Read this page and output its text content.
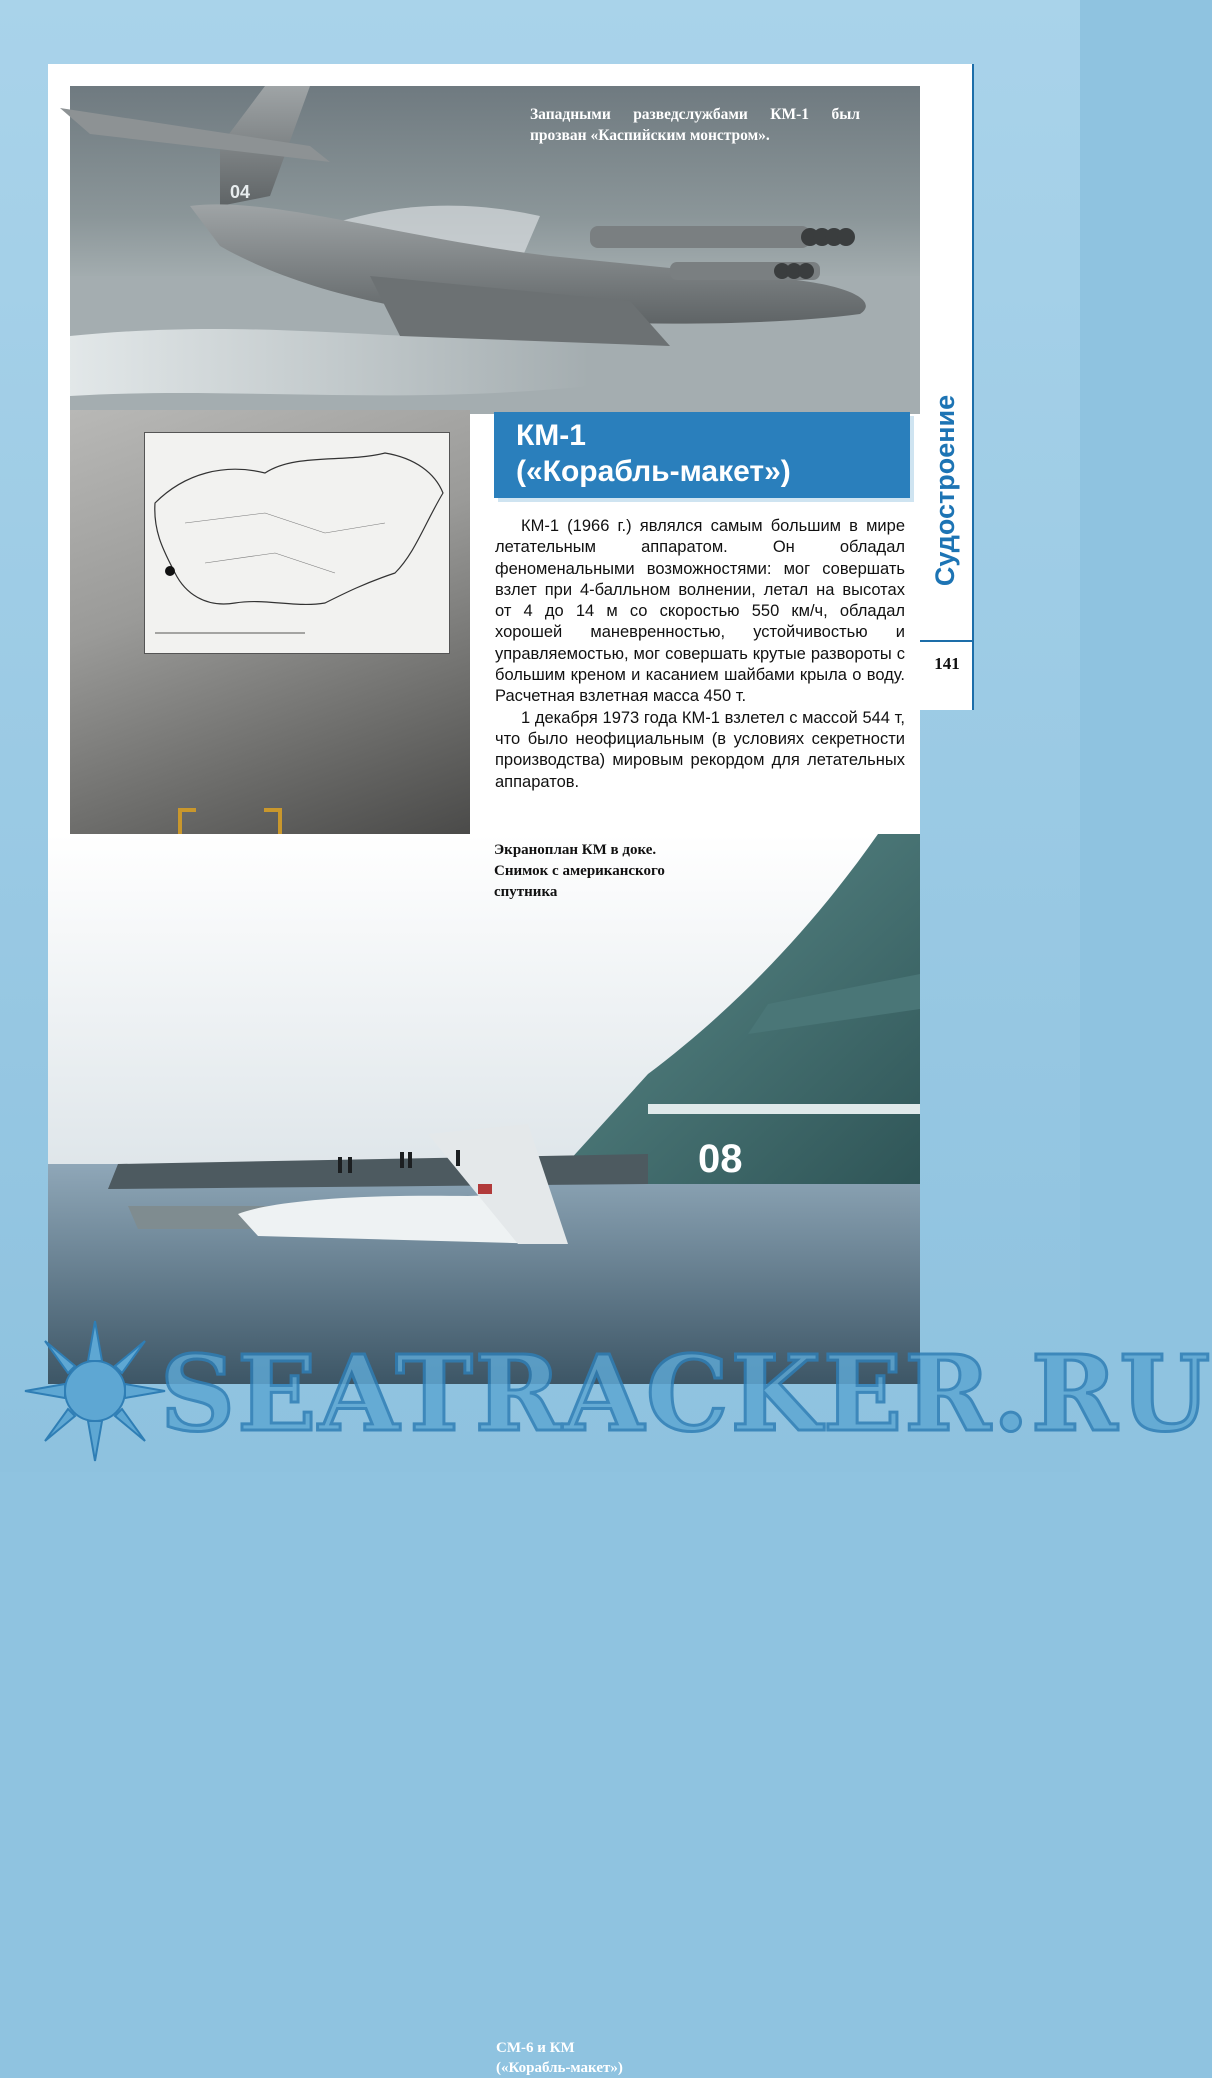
04
Западными разведслужбами КМ-1 был прозван «Каспийским монстром».
КМ-1
(«Корабль-макет»)

КМ-1 (1966 г.) являлся самым большим в мире летательным аппаратом. Он обладал феноменальными возможностями: мог совершать взлет при 4-балльном волнении, летал на высотах от 4 до 14 м со скоростью 550 км/ч, обладал хорошей маневренностью, устойчивостью и управляемостью, мог совершать крутые развороты с большим креном и касанием шайбами крыла о воду. Расчетная взлетная масса 450 т.

1 декабря 1973 года КМ-1 взлетел с массой 544 т, что было неофициальным (в условиях секретности производства) мировым рекордом для летательных аппаратов.

08
СМ-6 и КМ
(«Корабль-макет»)
Экраноплан КМ в доке.
Снимок с американского
спутника
Судостроение
141
SEATRACKER.RU
